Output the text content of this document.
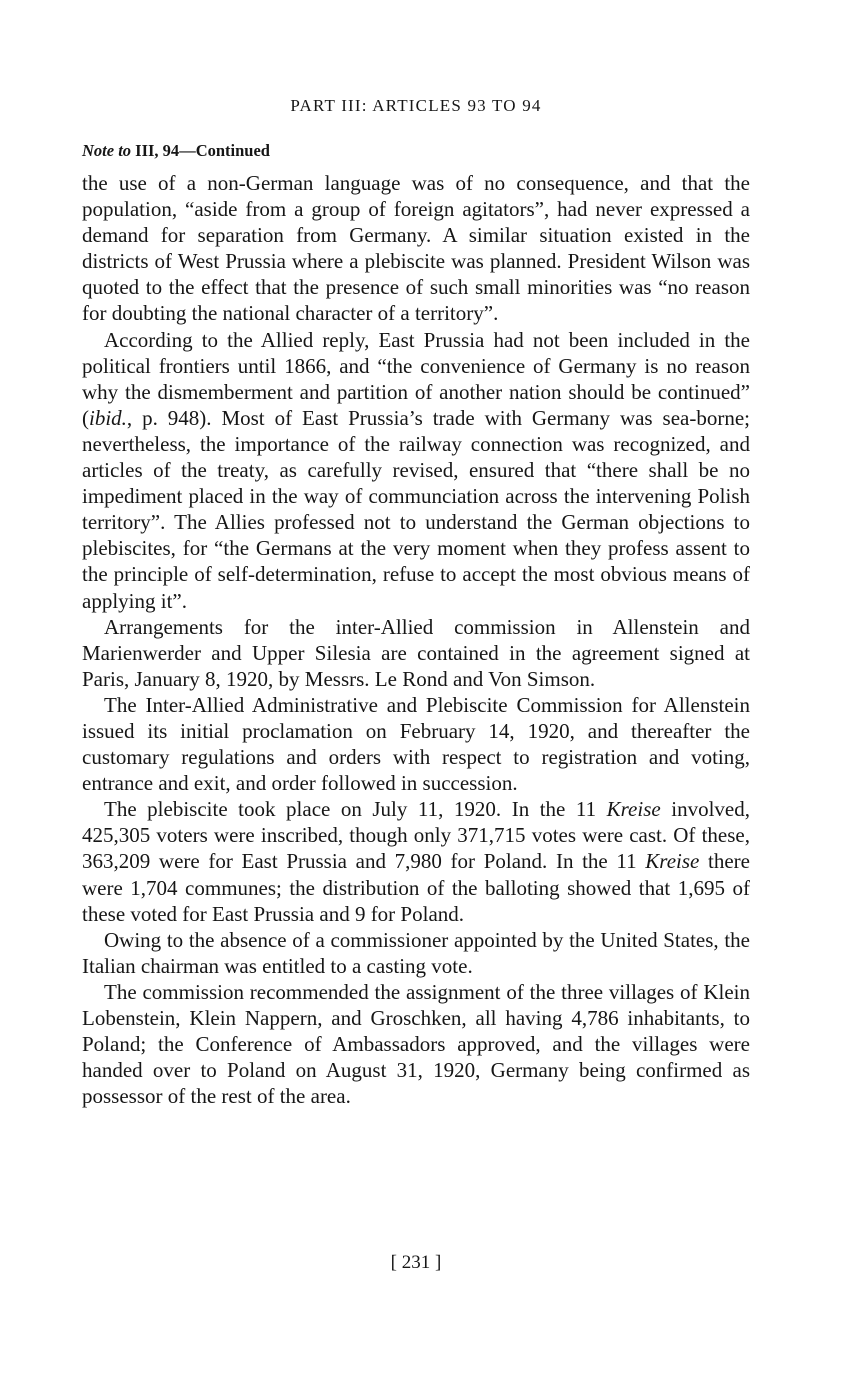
PART III: ARTICLES 93 TO 94
Note to III, 94—Continued

the use of a non-German language was of no consequence, and that the population, “aside from a group of foreign agitators”, had never expressed a demand for separation from Germany. A similar situation existed in the districts of West Prussia where a plebiscite was planned. President Wilson was quoted to the effect that the presence of such small minorities was “no reason for doubting the national character of a territory”.

According to the Allied reply, East Prussia had not been included in the political frontiers until 1866, and “the convenience of Germany is no reason why the dismemberment and partition of another nation should be continued” (ibid., p. 948). Most of East Prussia’s trade with Germany was sea-borne; nevertheless, the importance of the railway connection was recognized, and articles of the treaty, as carefully revised, ensured that “there shall be no impediment placed in the way of communciation across the intervening Polish territory”. The Allies professed not to understand the German objections to plebiscites, for “the Germans at the very moment when they profess assent to the principle of self-determination, refuse to accept the most obvious means of applying it”.

Arrangements for the inter-Allied commission in Allenstein and Marienwerder and Upper Silesia are contained in the agreement signed at Paris, January 8, 1920, by Messrs. Le Rond and Von Simson.

The Inter-Allied Administrative and Plebiscite Commission for Allenstein issued its initial proclamation on February 14, 1920, and thereafter the customary regulations and orders with respect to registration and voting, entrance and exit, and order followed in succession.

The plebiscite took place on July 11, 1920. In the 11 Kreise involved, 425,305 voters were inscribed, though only 371,715 votes were cast. Of these, 363,209 were for East Prussia and 7,980 for Poland. In the 11 Kreise there were 1,704 communes; the distribution of the balloting showed that 1,695 of these voted for East Prussia and 9 for Poland.

Owing to the absence of a commissioner appointed by the United States, the Italian chairman was entitled to a casting vote.

The commission recommended the assignment of the three villages of Klein Lobenstein, Klein Nappern, and Groschken, all having 4,786 inhabitants, to Poland; the Conference of Ambassadors approved, and the villages were handed over to Poland on August 31, 1920, Germany being confirmed as possessor of the rest of the area.

[ 231 ]
